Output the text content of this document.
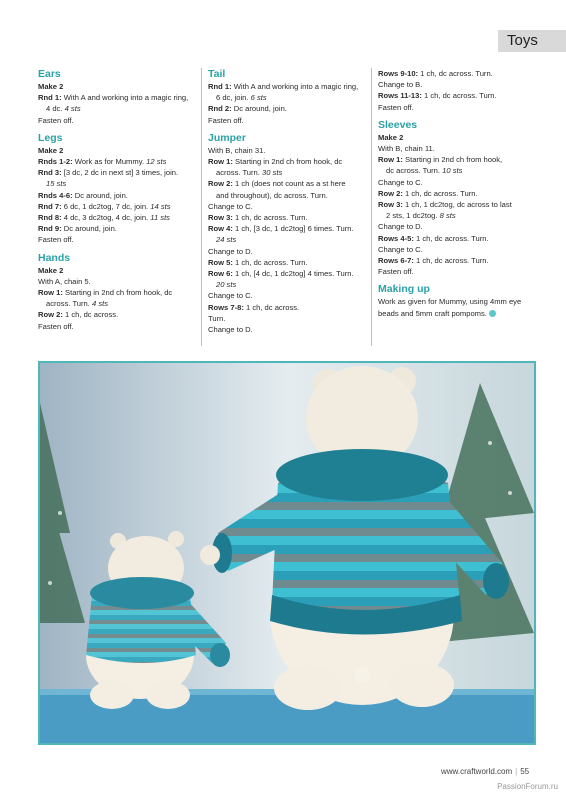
Toys
Ears
Make 2
Rnd 1: With A and working into a magic ring,
4 dc. 4 sts
Fasten off.
Legs
Make 2
Rnds 1-2: Work as for Mummy. 12 sts
Rnd 3: [3 dc, 2 dc in next st] 3 times, join.
15 sts
Rnds 4-6: Dc around, join.
Rnd 7: 6 dc, 1 dc2tog, 7 dc, join. 14 sts
Rnd 8: 4 dc, 3 dc2tog, 4 dc, join. 11 sts
Rnd 9: Dc around, join.
Fasten off.
Hands
Make 2
With A, chain 5.
Row 1: Starting in 2nd ch from hook, dc
across. Turn. 4 sts
Row 2: 1 ch, dc across.
Fasten off.
Tail
Rnd 1: With A and working into a magic ring,
6 dc, join. 6 sts
Rnd 2: Dc around, join.
Fasten off.
Jumper
With B, chain 31.
Row 1: Starting in 2nd ch from hook, dc
across. Turn. 30 sts
Row 2: 1 ch (does not count as a st here
and throughout), dc across. Turn.
Change to C.
Row 3: 1 ch, dc across. Turn.
Row 4: 1 ch, [3 dc, 1 dc2tog] 6 times. Turn.
24 sts
Change to D.
Row 5: 1 ch, dc across. Turn.
Row 6: 1 ch, [4 dc, 1 dc2tog] 4 times. Turn.
20 sts
Change to C.
Rows 7-8: 1 ch, dc across.
Turn.
Change to D.
Rows 9-10: 1 ch, dc across. Turn.
Change to B.
Rows 11-13: 1 ch, dc across. Turn.
Fasten off.
Sleeves
Make 2
With B, chain 11.
Row 1: Starting in 2nd ch from hook,
dc across. Turn. 10 sts
Change to C.
Row 2: 1 ch, dc across. Turn.
Row 3: 1 ch, 1 dc2tog, dc across to last
2 sts, 1 dc2tog. 8 sts
Change to D.
Rows 4-5: 1 ch, dc across. Turn.
Change to C.
Rows 6-7: 1 ch, dc across. Turn.
Fasten off.
Making up
Work as given for Mummy, using 4mm eye
beads and 5mm craft pompoms.
www.craftworld.com | 55
PassionForum.ru
